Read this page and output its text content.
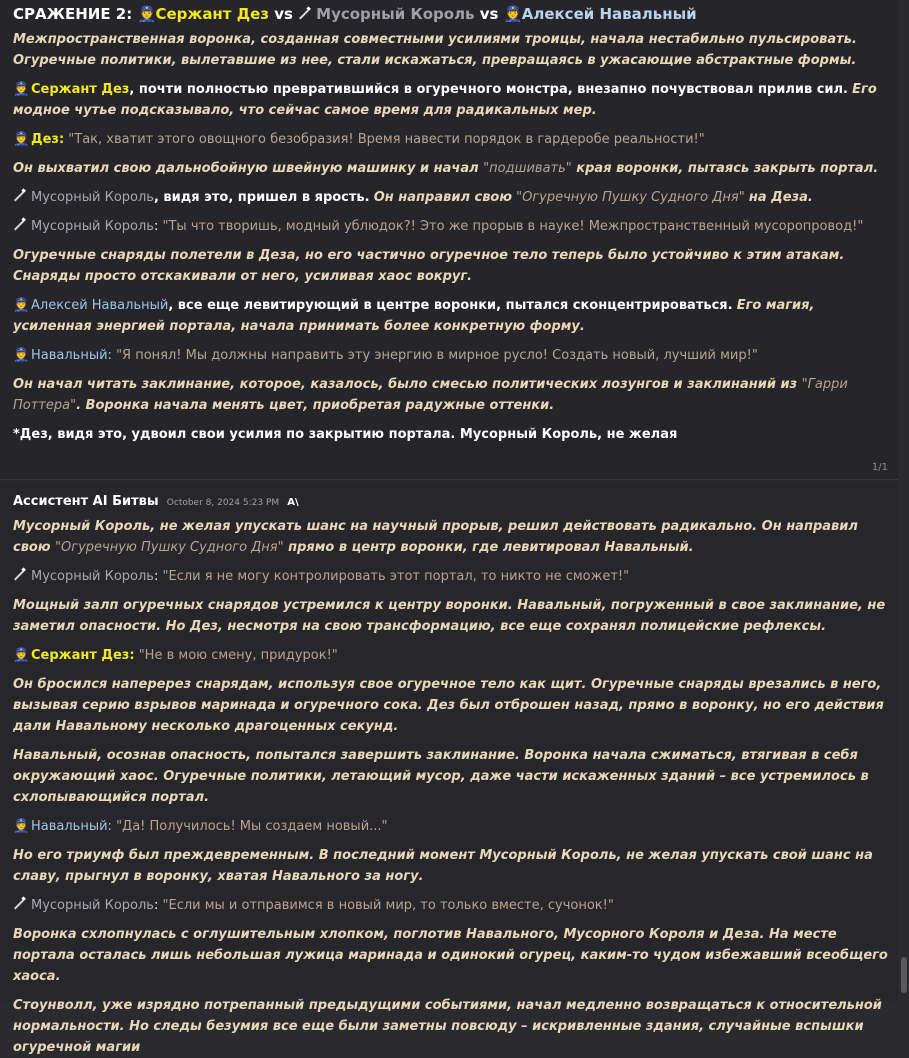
СРАЖЕНИЕ 2: 👮Сержант Дез vs Мусорный Король vs 👮Алексей Навальный

Межпространственная воронка, созданная совместными усилиями троицы, начала нестабильно пульсировать. Огуречные политики, вылетавшие из нее, стали искажаться, превращаясь в ужасающие абстрактные формы.

👮 Сержант Дез, почти полностью превратившийся в огуречного монстра, внезапно почувствовал прилив сил. Его модное чутье подсказывало, что сейчас самое время для радикальных мер.

👮 Дез: "Так, хватит этого овощного безобразия! Время навести порядок в гардеробе реальности!"

Он выхватил свою дальнобойную швейную машинку и начал "подшивать" края воронки, пытаясь закрыть портал.

Мусорный Король, видя это, пришел в ярость. Он направил свою "Огуречную Пушку Судного Дня" на Деза.

Мусорный Король: "Ты что творишь, модный ублюдок?! Это же прорыв в науке! Межпространственный мусоропровод!"

Огуречные снаряды полетели в Деза, но его частично огуречное тело теперь было устойчиво к этим атакам. Снаряды просто отскакивали от него, усиливая хаос вокруг.

👮 Алексей Навальный, все еще левитирующий в центре воронки, пытался сконцентрироваться. Его магия, усиленная энергией портала, начала принимать более конкретную форму.

👮 Навальный: "Я понял! Мы должны направить эту энергию в мирное русло! Создать новый, лучший мир!"

Он начал читать заклинание, которое, казалось, было смесью политических лозунгов и заклинаний из "Гарри Поттера". Воронка начала менять цвет, приобретая радужные оттенки.

*Дез, видя это, удвоил свои усилия по закрытию портала. Мусорный Король, не желая

1/1

Ассистент AI Битвы October 8, 2024 5:23 PM A\

Мусорный Король, не желая упускать шанс на научный прорыв, решил действовать радикально. Он направил свою "Огуречную Пушку Судного Дня" прямо в центр воронки, где левитировал Навальный.

Мусорный Король: "Если я не могу контролировать этот портал, то никто не сможет!"

Мощный залп огуречных снарядов устремился к центру воронки. Навальный, погруженный в свое заклинание, не заметил опасности. Но Дез, несмотря на свою трансформацию, все еще сохранял полицейские рефлексы.

👮 Сержант Дез: "Не в мою смену, придурок!"

Он бросился наперерез снарядам, используя свое огуречное тело как щит. Огуречные снаряды врезались в него, вызывая серию взрывов маринада и огуречного сока. Дез был отброшен назад, прямо в воронку, но его действия дали Навальному несколько драгоценных секунд.

Навальный, осознав опасность, попытался завершить заклинание. Воронка начала сжиматься, втягивая в себя окружающий хаос. Огуречные политики, летающий мусор, даже части искаженных зданий – все устремилось в схлопывающийся портал.

👮 Навальный: "Да! Получилось! Мы создаем новый..."

Но его триумф был преждевременным. В последний момент Мусорный Король, не желая упускать свой шанс на славу, прыгнул в воронку, хватая Навального за ногу.

Мусорный Король: "Если мы и отправимся в новый мир, то только вместе, сучонок!"

Воронка схлопнулась с оглушительным хлопком, поглотив Навального, Мусорного Короля и Деза. На месте портала осталась лишь небольшая лужица маринада и одинокий огурец, каким-то чудом избежавший всеобщего хаоса.

Стоунволл, уже изрядно потрепанный предыдущими событиями, начал медленно возвращаться к относительной нормальности. Но следы безумия все еще были заметны повсюду – искривленные здания, случайные вспышки огуречной магии
